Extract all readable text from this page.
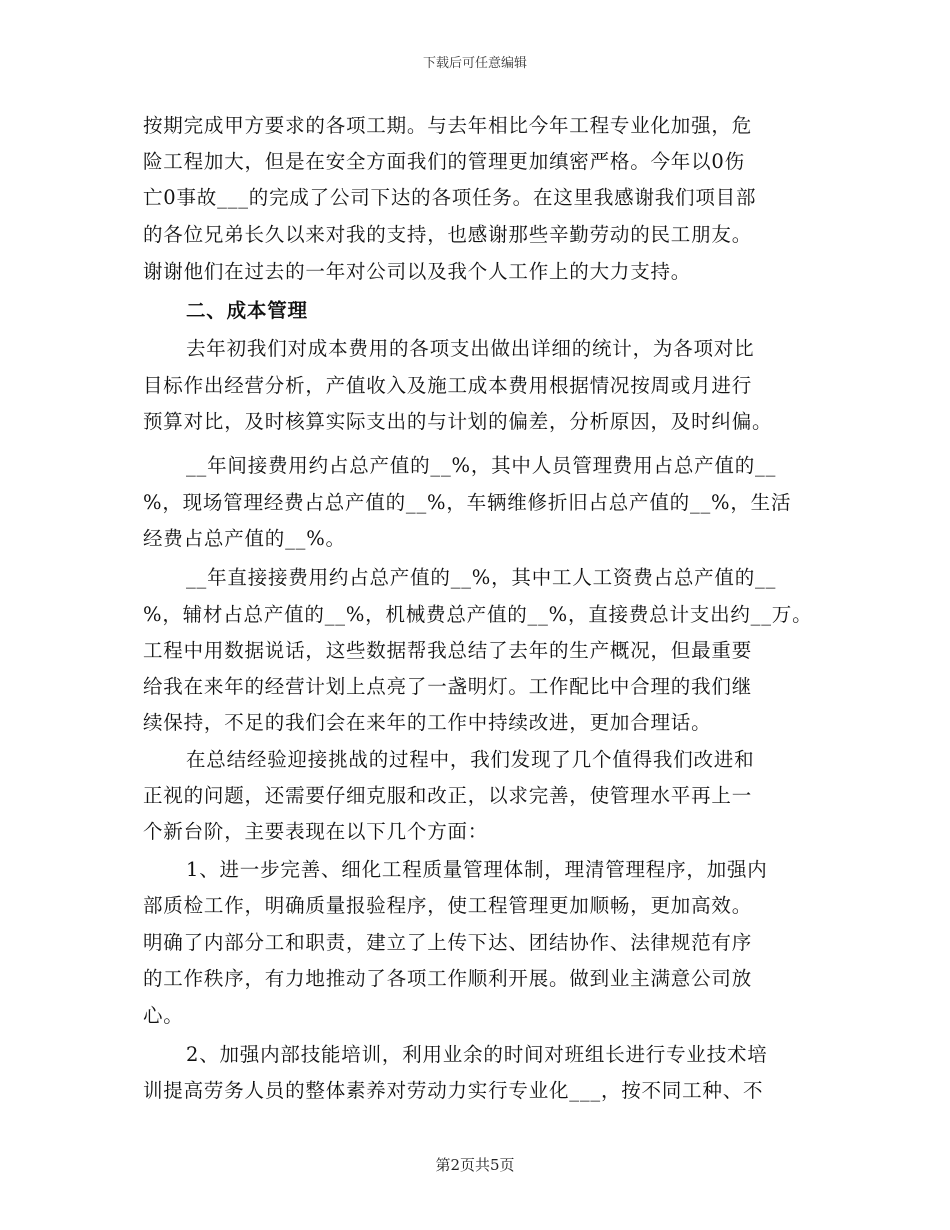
下载后可任意编辑
按期完成甲方要求的各项工期。与去年相比今年工程专业化加强，危
险工程加大，但是在安全方面我们的管理更加缜密严格。今年以0伤
亡0事故___的完成了公司下达的各项任务。在这里我感谢我们项目部
的各位兄弟长久以来对我的支持，也感谢那些辛勤劳动的民工朋友。
谢谢他们在过去的一年对公司以及我个人工作上的大力支持。
二、成本管理
去年初我们对成本费用的各项支出做出详细的统计，为各项对比
目标作出经营分析，产值收入及施工成本费用根据情况按周或月进行
预算对比，及时核算实际支出的与计划的偏差，分析原因，及时纠偏。
__年间接费用约占总产值的__%，其中人员管理费用占总产值的__
%，现场管理经费占总产值的__%，车辆维修折旧占总产值的__%，生活
经费占总产值的__%。
__年直接接费用约占总产值的__%，其中工人工资费占总产值的__
%，辅材占总产值的__%，机械费总产值的__%，直接费总计支出约__万。
工程中用数据说话，这些数据帮我总结了去年的生产概况，但最重要
给我在来年的经营计划上点亮了一盏明灯。工作配比中合理的我们继
续保持，不足的我们会在来年的工作中持续改进，更加合理话。
在总结经验迎接挑战的过程中，我们发现了几个值得我们改进和
正视的问题，还需要仔细克服和改正，以求完善，使管理水平再上一
个新台阶，主要表现在以下几个方面：
1、进一步完善、细化工程质量管理体制，理清管理程序，加强内
部质检工作，明确质量报验程序，使工程管理更加顺畅，更加高效。
明确了内部分工和职责，建立了上传下达、团结协作、法律规范有序
的工作秩序，有力地推动了各项工作顺利开展。做到业主满意公司放
心。
2、加强内部技能培训，利用业余的时间对班组长进行专业技术培
训提高劳务人员的整体素养对劳动力实行专业化___，按不同工种、不
第2页共5页
